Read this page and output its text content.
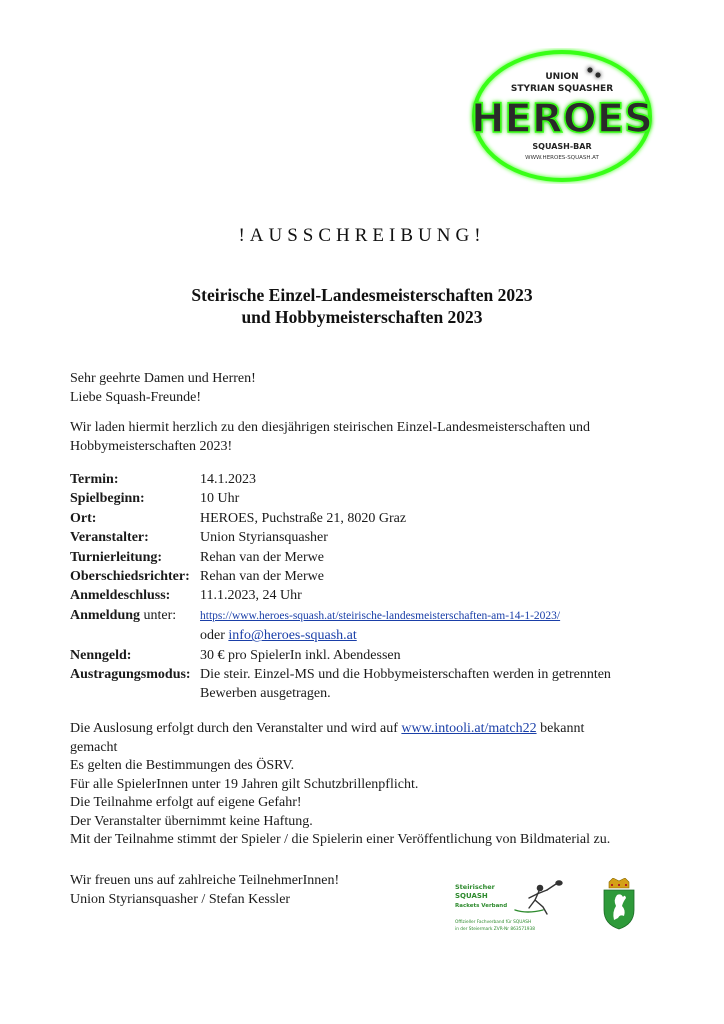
UNION
STYRIAN SQUASHER
HEROES
SQUASH-BAR
WWW.HEROES-SQUASH.AT
!AUSSCHREIBUNG!
Steirische Einzel-Landesmeisterschaften 2023
und Hobbymeisterschaften 2023
Sehr geehrte Damen und Herren!
Liebe Squash-Freunde!
Wir laden hiermit herzlich zu den diesjährigen steirischen Einzel-Landesmeisterschaften und
Hobbymeisterschaften 2023!
Termin:	14.1.2023
Spielbeginn:	10 Uhr
Ort:	HEROES, Puchstraße 21, 8020 Graz
Veranstalter:	Union Styriansquasher
Turnierleitung:	Rehan van der Merwe
Oberschiedsrichter: Rehan van der Merwe
Anmeldeschluss:	11.1.2023, 24 Uhr
Anmeldung unter:	https://www.heroes-squash.at/steirische-landesmeisterschaften-am-14-1-2023/
oder info@heroes-squash.at
Nenngeld:	30 € pro SpielerIn inkl. Abendessen
Austragungsmodus: Die steir. Einzel-MS und die Hobbymeisterschaften werden in getrennten Bewerben ausgetragen.
Die Auslosung erfolgt durch den Veranstalter und wird auf www.intooli.at/match22 bekannt
gemacht
Es gelten die Bestimmungen des ÖSRV.
Für alle SpielerInnen unter 19 Jahren gilt Schutzbrillenpflicht.
Die Teilnahme erfolgt auf eigene Gefahr!
Der Veranstalter übernimmt keine Haftung.
Mit der Teilnahme stimmt der Spieler / die Spielerin einer Veröffentlichung von Bildmaterial zu.
Wir freuen uns auf zahlreiche TeilnehmerInnen!
Union Styriansquasher / Stefan Kessler
Steirischer
SQUASH
Rackets Verband
Offizieller Fachverband für SQUASH
in der Steiermark ZVR-Nr 863571938
